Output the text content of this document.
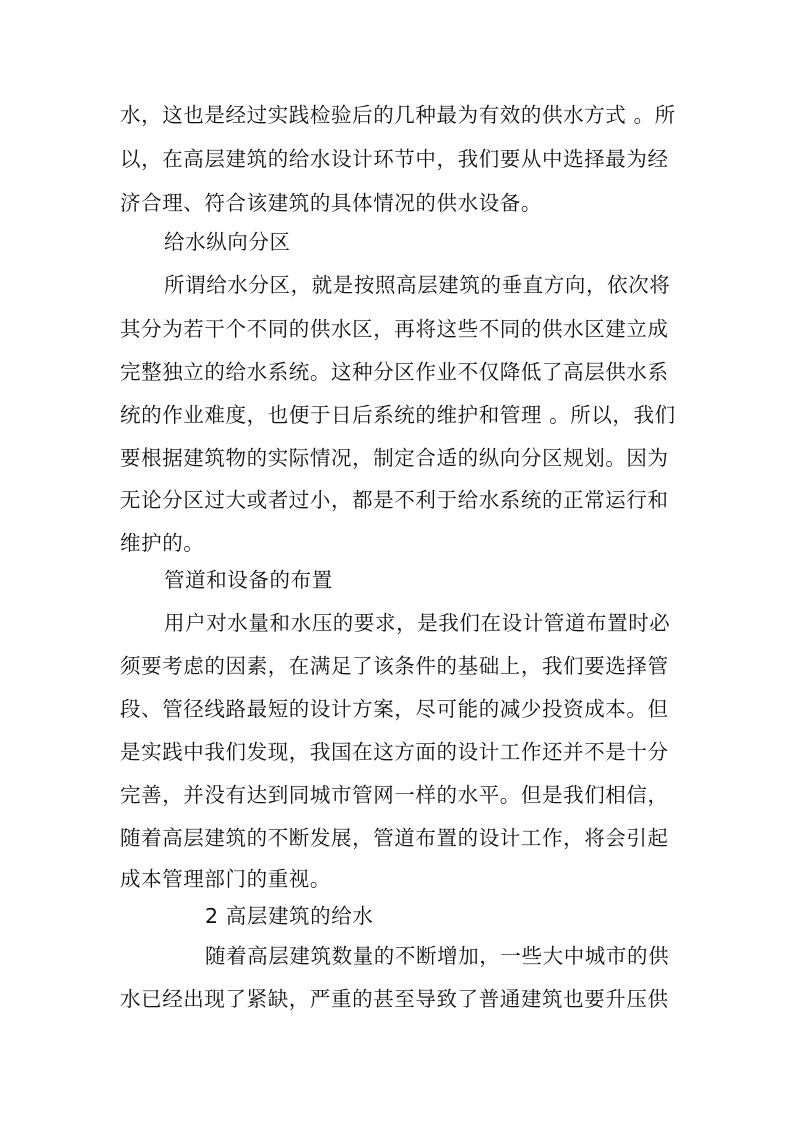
水，这也是经过实践检验后的几种最为有效的供水方式 。所
以，在高层建筑的给水设计环节中，我们要从中选择最为经
济合理、符合该建筑的具体情况的供水设备。
给水纵向分区
所谓给水分区，就是按照高层建筑的垂直方向，依次将
其分为若干个不同的供水区，再将这些不同的供水区建立成
完整独立的给水系统。这种分区作业不仅降低了高层供水系
统的作业难度，也便于日后系统的维护和管理 。所以，我们
要根据建筑物的实际情况，制定合适的纵向分区规划。因为
无论分区过大或者过小，都是不利于给水系统的正常运行和
维护的。
管道和设备的布置
用户对水量和水压的要求，是我们在设计管道布置时必
须要考虑的因素，在满足了该条件的基础上，我们要选择管
段、管径线路最短的设计方案，尽可能的减少投资成本。但
是实践中我们发现，我国在这方面的设计工作还并不是十分
完善，并没有达到同城市管网一样的水平。但是我们相信，
随着高层建筑的不断发展，管道布置的设计工作，将会引起
成本管理部门的重视。
2 高层建筑的给水
随着高层建筑数量的不断增加，一些大中城市的供
水已经出现了紧缺，严重的甚至导致了普通建筑也要升压供
